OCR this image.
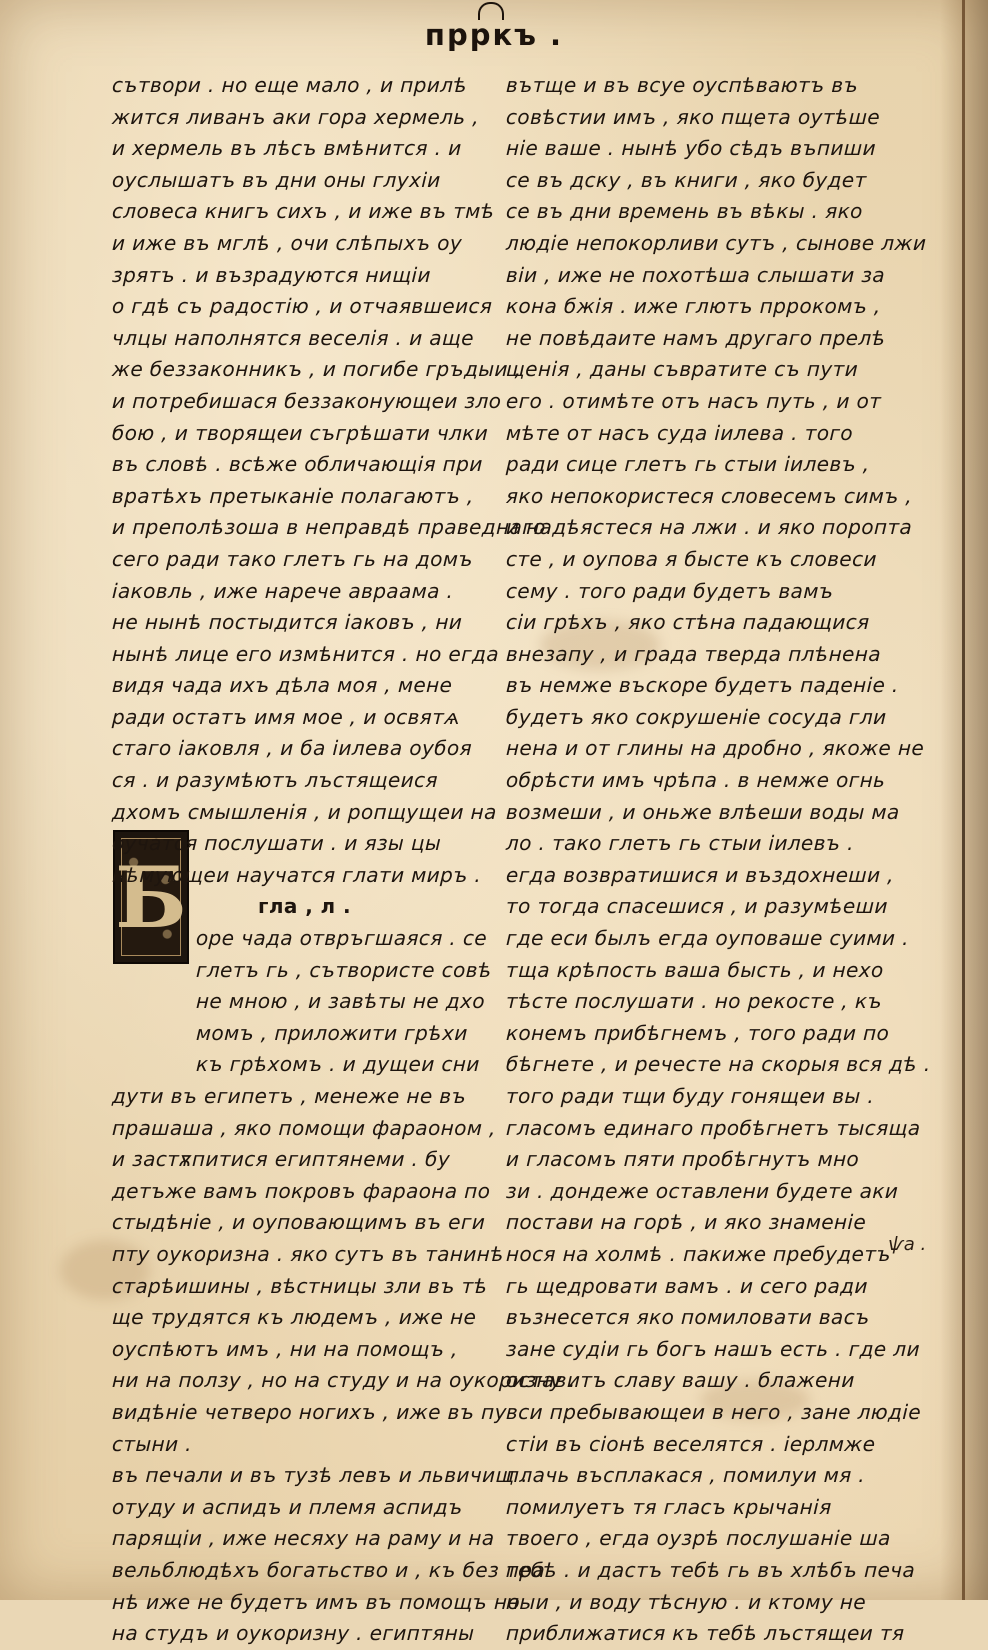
прркъ .
Б
сътвори . но еще мало , и прилѣ
жится ливанъ аки гора хермель ,
и хермель въ лѣсъ вмѣнится . и
оуслышатъ въ дни оны глухіи
словеса книгъ сихъ , и иже въ тмѣ
и иже въ мглѣ , очи слѣпыхъ оу
зрятъ . и възрадуются нищіи
о гдѣ съ радостію , и отчаявшеися
члцы наполнятся веселія . и аще
же беззаконникъ , и погибе гръдыи ,
и потребишася беззаконующеи зло
бою , и творящеи съгрѣшати члки
въ словѣ . всѣже обличающія при
вратѣхъ претыканіе полагаютъ ,
и преполѣзоша в неправдѣ праведнаго
сего ради тако глетъ гь на домъ
іаковль , иже нарече авраама .
не нынѣ постыдится іаковъ , ни
нынѣ лице его измѣнится . но егда
видя чада ихъ дѣла моя , мене
ради остатъ имя мое , и освятѧ
стаго іаковля , и ба іилева оубоя
ся . и разумѣютъ лъстящеися
дхомъ смышленія , и ропщущеи на
оучатся послушати . и язы цы
нѣмующеи научатся глати миръ .
гла , л .
оре чада отвръгшаяся . се
глетъ гь , сътвористе совѣ
не мною , и завѣты не дхо
момъ , приложити грѣхи
къ грѣхомъ . и дущеи сни
дути въ египетъ , менеже не въ
прашаша , яко помощи фараоном ,
и застѫпитися египтянеми . бу
детъже вамъ покровъ фараона по
стыдѣніе , и оуповающимъ въ еги
пту оукоризна . яко сутъ въ танинѣ
старѣишины , вѣстницы зли въ тѣ
ще трудятся къ людемъ , иже не
оуспѣютъ имъ , ни на помощъ ,
ни на ползу , но на студу и на оукоризну .
видѣніе четверо ногихъ , иже въ пу
стыни .
въ печали и въ тузѣ левъ и львичищ .
отуду и аспидъ и племя аспидъ
парящіи , иже несяху на раму и на
вельблюдѣхъ богатьство и , къ без пра
нѣ иже не будетъ имъ въ помощъ но
на студъ и оукоризну . египтяны
вътще и въ всуе оуспѣваютъ въ
совѣстии имъ , яко пщета оутѣше
ніе ваше . нынѣ убо сѣдъ въпиши
се въ дску , въ книги , яко будет
се въ дни времень въ вѣкы . яко
людіе непокорливи сутъ , сынове лжи
віи , иже не похотѣша слышати за
кона бжія . иже глютъ пррокомъ ,
не повѣдаите намъ другаго прелѣ
щенія , даны съвратите съ пути
его . отимѣте отъ насъ путь , и от
мѣте от насъ суда іилева . того
ради сице глетъ гь стыи іилевъ ,
яко непокористеся словесемъ симъ ,
и надѣястеся на лжи . и яко поропта
сте , и оупова я бысте къ словеси
сему . того ради будетъ вамъ
сіи грѣхъ , яко стѣна падающися
внезапу , и града тверда плѣнена
въ немже въскоре будетъ паденіе .
будетъ яко сокрушеніе сосуда гли
нена и от глины на дробно , якоже не
обрѣсти имъ чрѣпа . в немже огнь
возмеши , и оньже влѣеши воды ма
ло . тако глетъ гь стыи іилевъ .
егда возвратишися и въздохнеши ,
то тогда спасешися , и разумѣеши
где еси былъ егда оуповаше суими .
тща крѣпость ваша бысть , и нехо
тѣсте послушати . но рекосте , къ
конемъ прибѣгнемъ , того ради по
бѣгнете , и речесте на скорыя вся дѣ .
того ради тщи буду гонящеи вы .
гласомъ единаго пробѣгнетъ тысяща
и гласомъ пяти пробѣгнутъ мно
зи . дондеже оставлени будете аки
постави на горѣ , и яко знаменіе
нося на холмѣ . пакиже пребудетъ
гь щедровати вамъ . и сего ради
възнесется яко помиловати васъ
зане судіи гь богъ нашъ есть . где ли
оставитъ славу вашу . блажени
вси пребывающеи в него , зане людіе
стіи въ сіонѣ веселятся . іерлмже
плачь въсплакася , помилуи мя .
помилуетъ тя гласъ крычанія
твоего , егда оузрѣ послушаніе ша
тебѣ . и дастъ тебѣ гь въ хлѣбъ печа
ныи , и воду тѣсную . и ктому не
приближатися къ тебѣ лъстящеи тя
ѱа .
